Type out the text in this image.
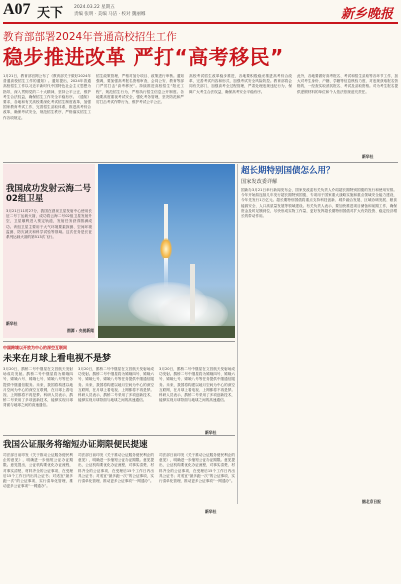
A07 天下 2024.03.22 星期五
责编 张明 · 美编 马洁 · 校对 魏丽娜	新乡晚报
教育部部署2024年普通高校招生工作
稳步推进改革 严打“高考移民”
1月21日，教育部官网公布了《教育部关于做好2024年普通高校招生工作的通知》。通知提出，2024年普通高校招生工作以习近平新时代中国特色社会主义思想为指导，深入贯彻党的二十大精神，坚持公平公正，维护考生合法权益，确保招生工作安全平稳有序。《通知》要求，各地和有关高校要深化考试招生制度改革，加强国家教育考试工作，完善招生录取体系，推进高考综合改革，确保考试安全，规范招生秩序，严格落实招生工作各项规定。
招生政策管理，严格对加分项目、政策进行审核。通知强调，要加强高考报名资格审查，会同公安、教育等部门严厉打击“高考移民”。持续推进高校招生“阳光工程”，规范招生行为，严格执行招生信息公开制度。各地要高度重视考试安全，强化考务管理，坚决防范和严厉打击考试作弊行为，维护考试公平公正。
高校考试招生改革稳步推进，各地要积极稳妥推进高考综合改革，完善考试内容和形式，加强考试安全风险防控。教育部将会同有关部门，加强高考全过程管理，严肃处理违规违纪行为，保障广大考生合法权益，确保高考安全平稳有序。
此外，各地要做好高考报名、考试和招生录取等各环节工作，加大对考生身份、户籍、学籍等信息核验力度，对违规获取报名资格的，一经查实取消其报名、考试及录取资格。对为考生报名提供虚假材料的单位和个人依法依规追究责任。
新华社
我国成功发射云海二号02组卫星
3月21日11时27分，我国在酒泉卫星发射中心使用长征二号丁运载火箭，成功将云海二号02组卫星发射升空，卫星顺利进入预定轨道，发射任务获得圆满成功。该组卫星主要用于大气环境要素探测、空间环境监测、防灾减灾和科学试验等领域。这次任务是长征系列运载火箭的第513次飞行。
新华社
图源 : 央视新闻
超长期特别国债怎么用？
国家发改委详解
国新办3月21日举行新闻发布会，国家发改委有关负责人介绍超长期特别国债的发行和使用安排。今年开始拟连续几年发行超长期特别国债，专项用于国家重大战略实施和重点领域安全能力建设，今年先发行1万亿元。超长期特别国债将重点支持科技创新、城乡融合发展、区域协调发展、粮食能源安全、人口高质量发展等领域建设。有关负责人表示，要加快推进项目储备和前期工作，确保资金及时足额到位，尽快形成实物工作量，更好发挥超长期特别国债对扩大有效投资、稳定经济增长的带动作用。
据北京日报
中国跨境以开放为中心的深空互联网
未来在月球上看电视不是梦
3月20日，鹊桥二号中继星在文昌航天发射场成功发射。鹊桥二号中继星将为嫦娥四号、嫦娥六号、嫦娥七号、嫦娥八号等任务提供中继通信服务。未来，我国将构建以地月空间为中心的深空互联网，在月球上看电视、上网都将不再是梦。科研人员表示，鹊桥二号采用了多项创新技术，能够实现月球背面与地球之间的高速通信。
3月20日，鹊桥二号中继星在文昌航天发射场成功发射。鹊桥二号中继星将为嫦娥四号、嫦娥六号、嫦娥七号、嫦娥八号等任务提供中继通信服务。未来，我国将构建以地月空间为中心的深空互联网，在月球上看电视、上网都将不再是梦。科研人员表示，鹊桥二号采用了多项创新技术，能够实现月球背面与地球之间的高速通信。
3月20日，鹊桥二号中继星在文昌航天发射场成功发射。鹊桥二号中继星将为嫦娥四号、嫦娥六号、嫦娥七号、嫦娥八号等任务提供中继通信服务。未来，我国将构建以地月空间为中心的深空互联网，在月球上看电视、上网都将不再是梦。科研人员表示，鹊桥二号采用了多项创新技术，能够实现月球背面与地球之间的高速通信。
新华社
我国公证服务将缩短办证期限便民提速
司法部日前印发《关于推动公证服务便民利企的意见》，明确进一步缩短公证办证期限。意见提出，公证机构要优化办证流程，对事实清楚、材料齐全的公证事项，在受理后15个工作日内出具公证书；对适宜“最多跑一次”的公证事项，实行清单化管理，推动更多公证事项“一网通办”。
司法部日前印发《关于推动公证服务便民利企的意见》，明确进一步缩短公证办证期限。意见提出，公证机构要优化办证流程，对事实清楚、材料齐全的公证事项，在受理后15个工作日内出具公证书；对适宜“最多跑一次”的公证事项，实行清单化管理，推动更多公证事项“一网通办”。
司法部日前印发《关于推动公证服务便民利企的意见》，明确进一步缩短公证办证期限。意见提出，公证机构要优化办证流程，对事实清楚、材料齐全的公证事项，在受理后15个工作日内出具公证书；对适宜“最多跑一次”的公证事项，实行清单化管理，推动更多公证事项“一网通办”。
新华社
